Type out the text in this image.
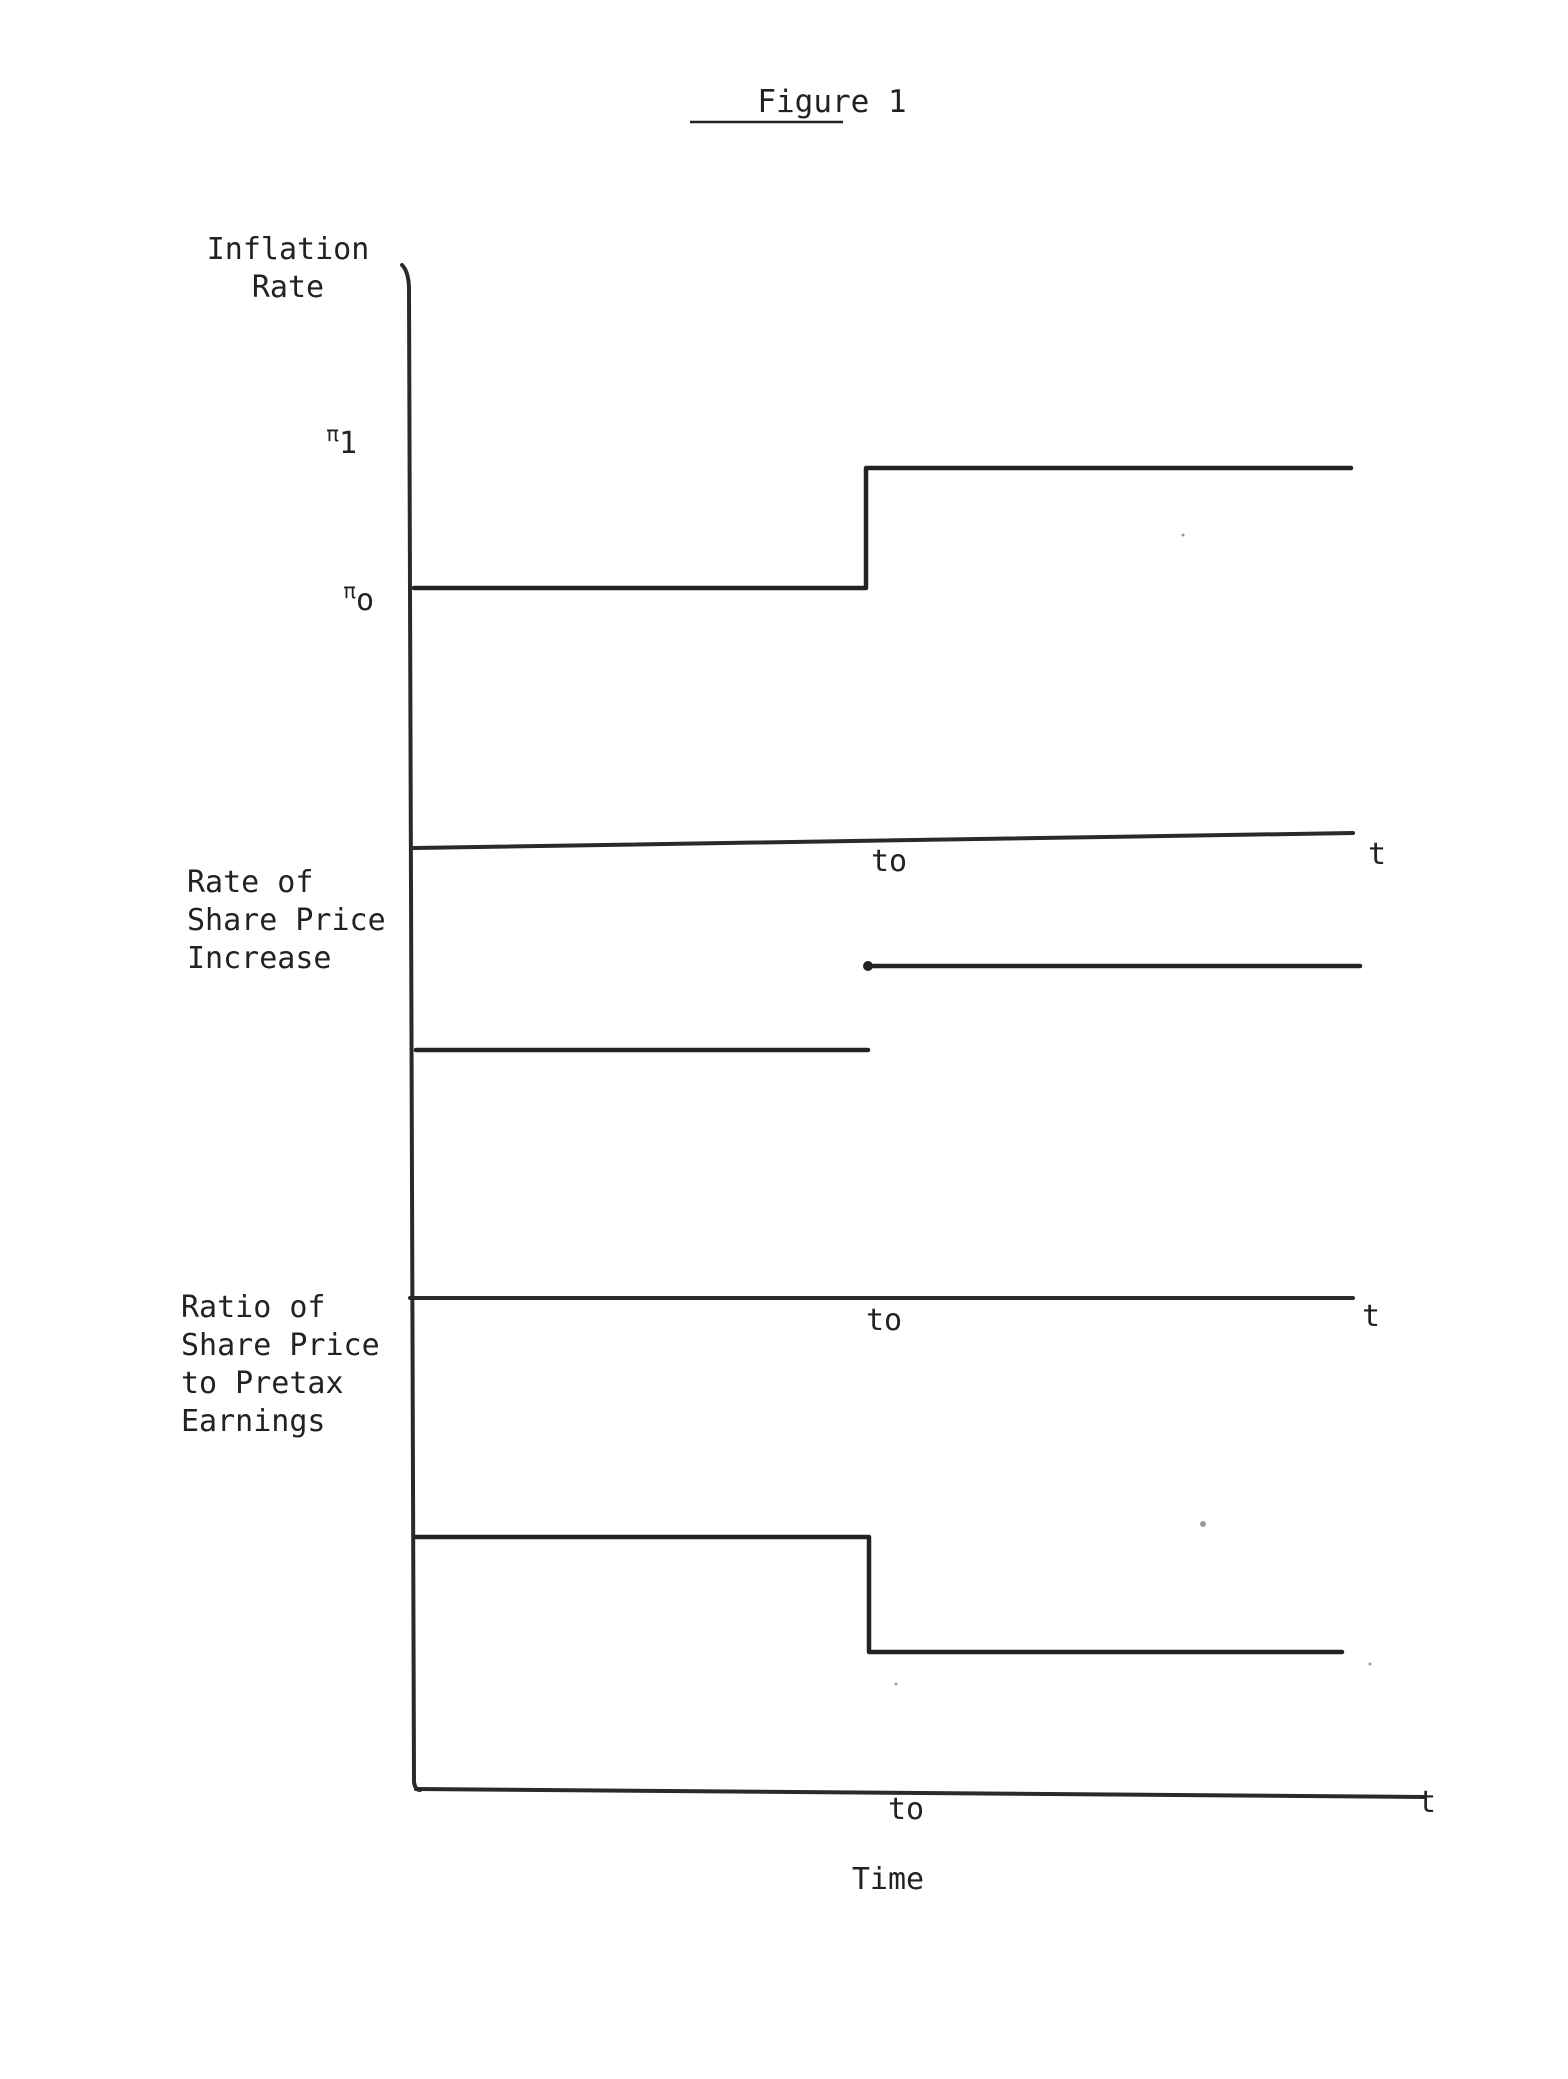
Figure 1
Inflation
Rate
$^\pi$1
$^\pi$o
to	t
Rate of
Share Price
Increase
to	t
Ratio of
Share Price
to Pretax
Earnings
to	t
Time
